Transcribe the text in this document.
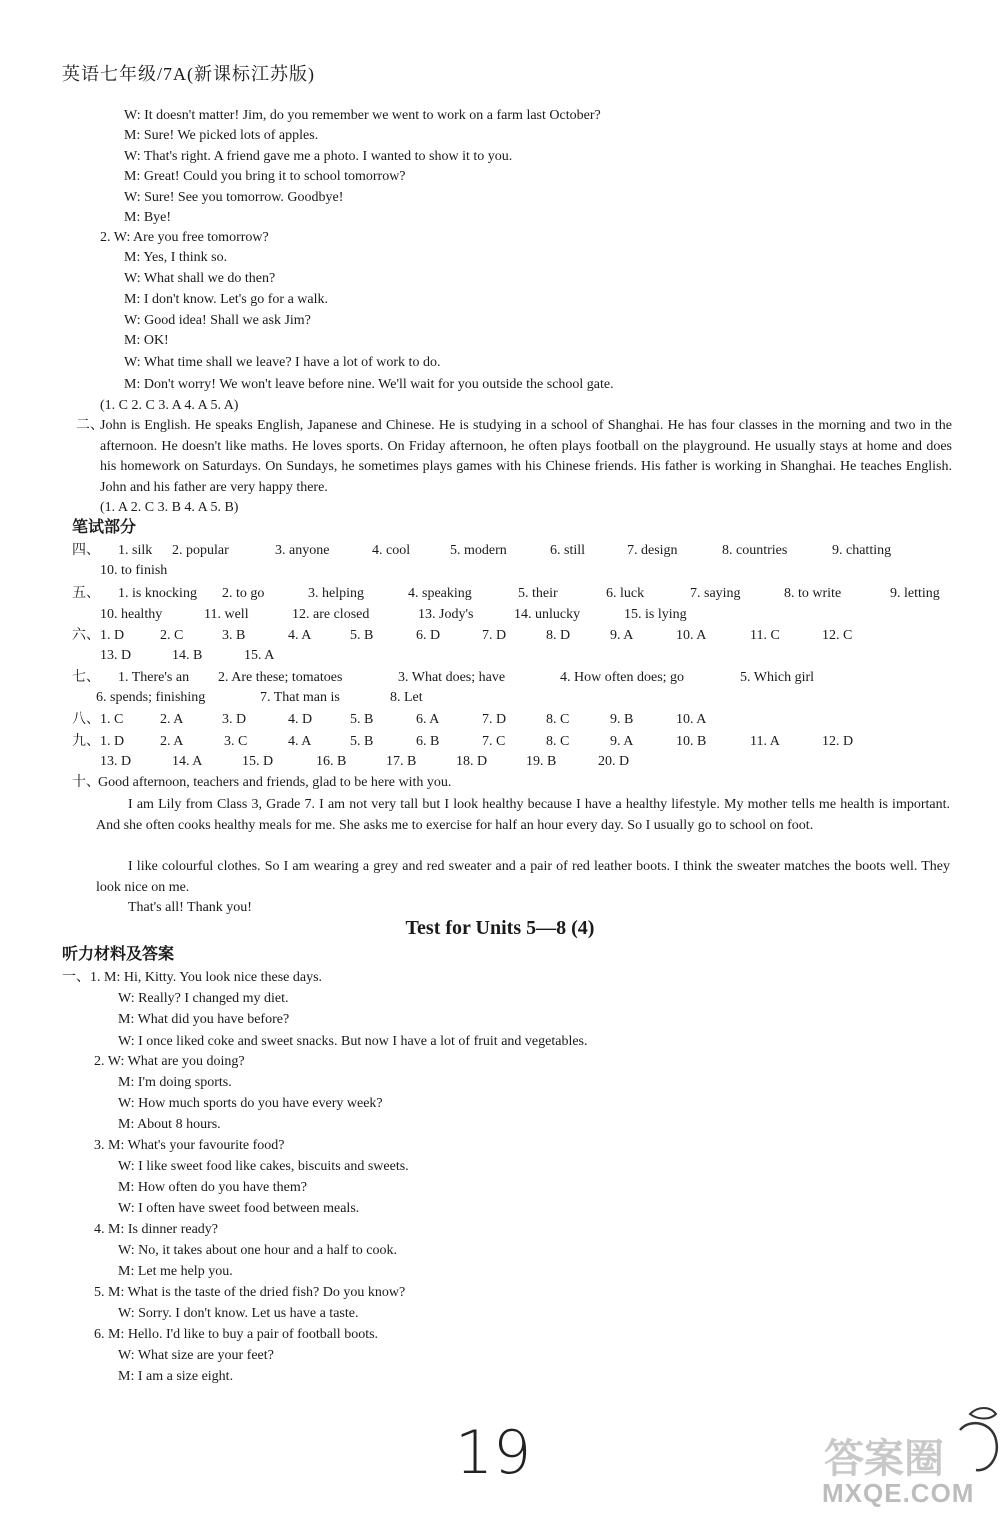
英语七年级/7A(新课标江苏版)
W: It doesn't matter! Jim, do you remember we went to work on a farm last October?
M: Sure! We picked lots of apples.
W: That's right. A friend gave me a photo. I wanted to show it to you.
M: Great! Could you bring it to school tomorrow?
W: Sure! See you tomorrow. Goodbye!
M: Bye!
2. W: Are you free tomorrow?
M: Yes, I think so.
W: What shall we do then?
M: I don't know. Let's go for a walk.
W: Good idea! Shall we ask Jim?
M: OK!
W: What time shall we leave? I have a lot of work to do.
M: Don't worry! We won't leave before nine. We'll wait for you outside the school gate.
(1. C 2. C 3. A 4. A 5. A)
二、
John is English. He speaks English, Japanese and Chinese. He is studying in a school of Shanghai. He has four classes in the morning and two in the afternoon. He doesn't like maths. He loves sports. On Friday afternoon, he often plays football on the playground. He usually stays at home and does his homework on Saturdays. On Sundays, he sometimes plays games with his Chinese friends. His father is working in Shanghai. He teaches English. John and his father are very happy there.
(1. A 2. C 3. B 4. A 5. B)
笔试部分
四、 1. silk 2. popular	3. anyone	4. cool	5. modern	6. still	7. design	8. countries	9. chatting
10. to finish
五、 1. is knocking 2. to go	3. helping	4. speaking	5. their	6. luck	7. saying	8. to write	9. letting
10. healthy	11. well	12. are closed	13. Jody's	14. unlucky	15. is lying
六、 1. D	2. C	3. B	4. A	5. B	6. D	7. D	8. D	9. A	10. A	11. C	12. C
13. D	14. B	15. A
七、 1. There's an 2. Are these; tomatoes	3. What does; have	4. How often does; go	5. Which girl
6. spends; finishing	7. That man is	8. Let
八、 1. C	2. A	3. D	4. D	5. B	6. A	7. D	8. C	9. B	10. A
九、 1. D	2. A	3. C	4. A	5. B	6. B	7. C	8. C	9. A	10. B	11. A	12. D
13. D	14. A	15. D	16. B	17. B	18. D	19. B	20. D
十、
Good afternoon, teachers and friends, glad to be here with you.
I am Lily from Class 3, Grade 7. I am not very tall but I look healthy because I have a healthy lifestyle. My mother tells me health is important. And she often cooks healthy meals for me. She asks me to exercise for half an hour every day. So I usually go to school on foot.
I like colourful clothes. So I am wearing a grey and red sweater and a pair of red leather boots. I think the sweater matches the boots well. They look nice on me.
That's all! Thank you!
Test for Units 5—8 (4)
听力材料及答案
一、1. M: Hi, Kitty. You look nice these days.
W: Really? I changed my diet.
M: What did you have before?
W: I once liked coke and sweet snacks. But now I have a lot of fruit and vegetables.
2. W: What are you doing?
M: I'm doing sports.
W: How much sports do you have every week?
M: About 8 hours.
3. M: What's your favourite food?
W: I like sweet food like cakes, biscuits and sweets.
M: How often do you have them?
W: I often have sweet food between meals.
4. M: Is dinner ready?
W: No, it takes about one hour and a half to cook.
M: Let me help you.
5. M: What is the taste of the dried fish? Do you know?
W: Sorry. I don't know. Let us have a taste.
6. M: Hello. I'd like to buy a pair of football boots.
W: What size are your feet?
M: I am a size eight.
19	答案圈
MXQE.COM
